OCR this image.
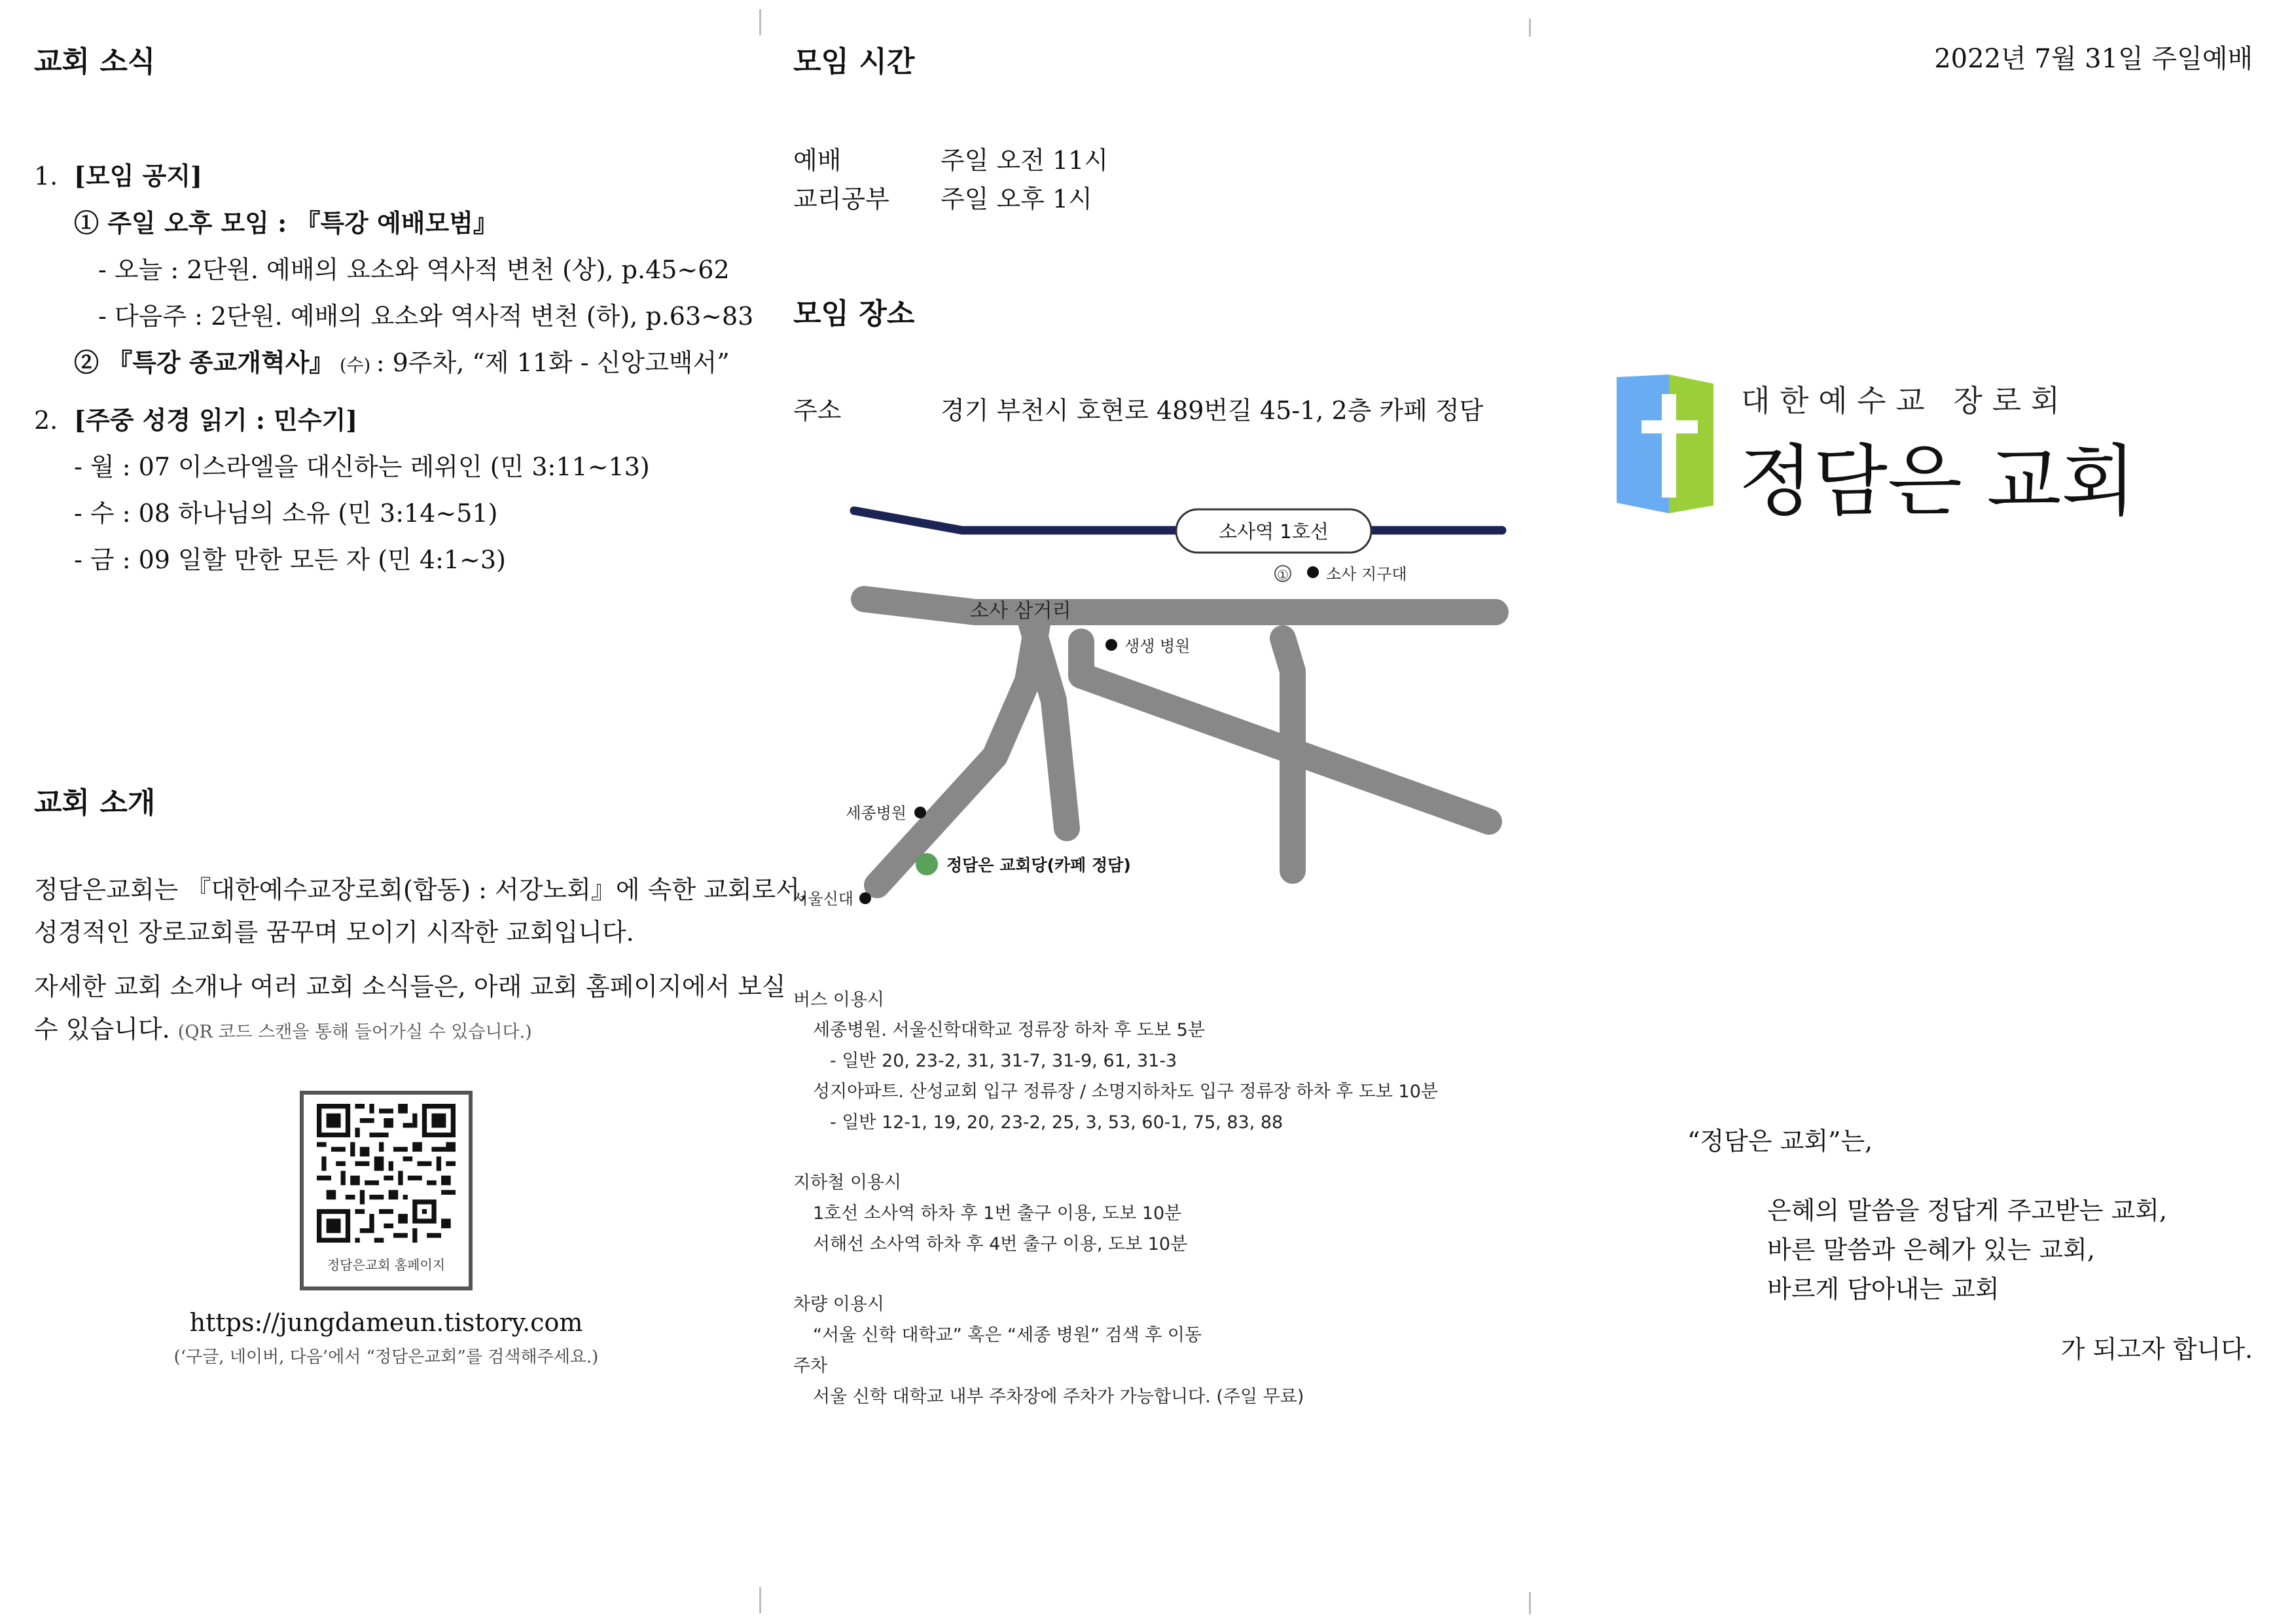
교회 소식
1. [모임 공지]
① 주일 오후 모임 : 『특강 예배모범』
- 오늘 : 2단원. 예배의 요소와 역사적 변천 (상), p.45~62
- 다음주 : 2단원. 예배의 요소와 역사적 변천 (하), p.63~83
② 『특강 종교개혁사』 (수) : 9주차, “제 11화 - 신앙고백서”
2. [주중 성경 읽기 : 민수기]
- 월 : 07 이스라엘을 대신하는 레위인 (민 3:11~13)
- 수 : 08 하나님의 소유 (민 3:14~51)
- 금 : 09 일할 만한 모든 자 (민 4:1~3)
교회 소개
정담은교회는 『대한예수교장로회(합동) : 서강노회』에 속한 교회로서,
성경적인 장로교회를 꿈꾸며 모이기 시작한 교회입니다.
자세한 교회 소개나 여러 교회 소식들은, 아래 교회 홈페이지에서 보실
수 있습니다. (QR 코드 스캔을 통해 들어가실 수 있습니다.)
정담은교회 홈페이지
https://jungdameun.tistory.com
(‘구글, 네이버, 다음’에서 “정담은교회”를 검색해주세요.)
모임 시간
예배	주일 오전 11시
교리공부 주일 오후 1시
모임 장소
주소	경기 부천시 호현로 489번길 45-1, 2층 카페 정담
소사역 1호선
① 소사 지구대
소사 삼거리
생생 병원
세종병원
정담은 교회당(카페 정담)
서울신대
버스 이용시
세종병원. 서울신학대학교 정류장 하차 후 도보 5분
- 일반 20, 23-2, 31, 31-7, 31-9, 61, 31-3
성지아파트. 산성교회 입구 정류장 / 소명지하차도 입구 정류장 하차 후 도보 10분
- 일반 12-1, 19, 20, 23-2, 25, 3, 53, 60-1, 75, 83, 88
지하철 이용시
1호선 소사역 하차 후 1번 출구 이용, 도보 10분
서해선 소사역 하차 후 4번 출구 이용, 도보 10분
차량 이용시
“서울 신학 대학교” 혹은 “세종 병원” 검색 후 이동
주차
서울 신학 대학교 내부 주차장에 주차가 가능합니다. (주일 무료)
2022년 7월 31일 주일예배
대 한 예 수 교   장 로 회
정담은 교회
“정담은 교회”는,
은혜의 말씀을 정답게 주고받는 교회,
바른 말씀과 은혜가 있는 교회,
바르게 담아내는 교회
가 되고자 합니다.
